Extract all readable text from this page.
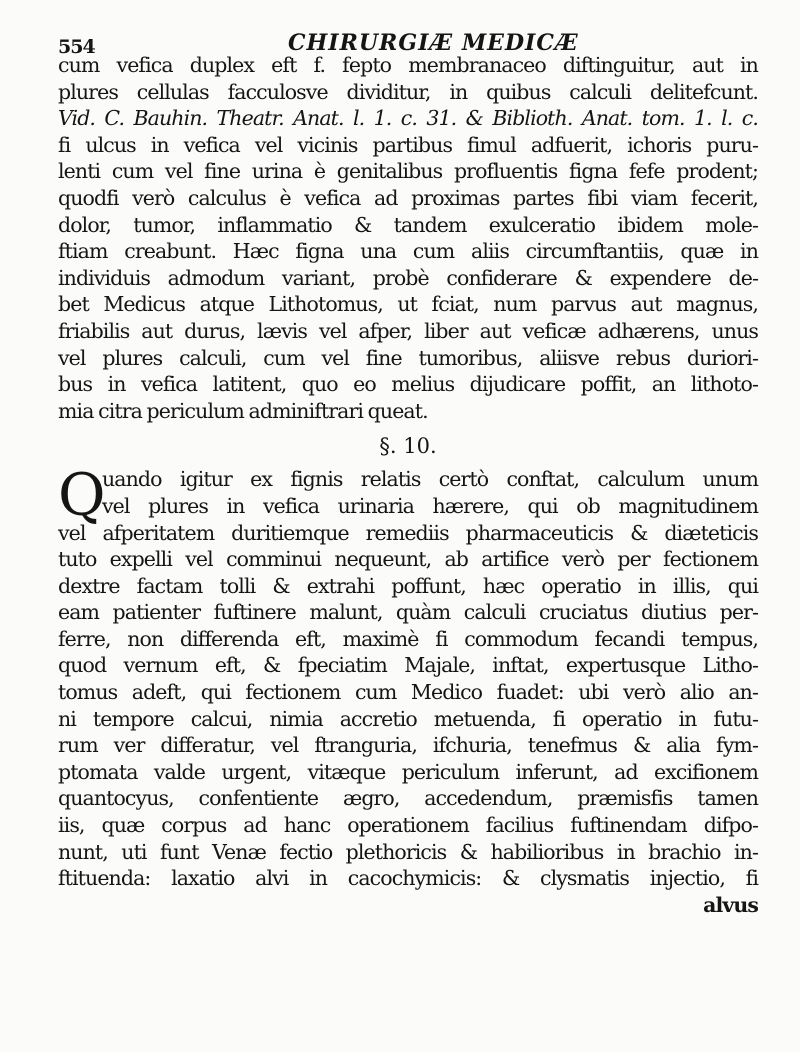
554	CHIRURGIÆ MEDICÆ
cum vefica duplex eft f. fepto membranaceo diftinguitur, aut in
plures cellulas facculosve dividitur, in quibus calculi delitefcunt.
Vid. C. Bauhin. Theatr. Anat. l. 1. c. 31. & Biblioth. Anat. tom. 1. l. c.
fi ulcus in vefica vel vicinis partibus fimul adfuerit, ichoris puru-
lenti cum vel fine urina è genitalibus profluentis figna fefe prodent;
quodfi verò calculus è vefica ad proximas partes fibi viam fecerit,
dolor, tumor, inflammatio & tandem exulceratio ibidem mole-
ftiam creabunt. Hæc figna una cum aliis circumftantiis, quæ in
individuis admodum variant, probè confiderare & expendere de-
bet Medicus atque Lithotomus, ut fciat, num parvus aut magnus,
friabilis aut durus, lævis vel afper, liber aut veficæ adhærens, unus
vel plures calculi, cum vel fine tumoribus, aliisve rebus duriori-
bus in vefica latitent, quo eo melius dijudicare poffit, an lithoto-
mia citra periculum adminiftrari queat.
§. 10.
Q
uando igitur ex fignis relatis certò conftat, calculum unum
vel plures in vefica urinaria hærere, qui ob magnitudinem
vel afperitatem duritiemque remediis pharmaceuticis & diæteticis
tuto expelli vel comminui nequeunt, ab artifice verò per fectionem
dextre factam tolli & extrahi poffunt, hæc operatio in illis, qui
eam patienter fuftinere malunt, quàm calculi cruciatus diutius per-
ferre, non differenda eft, maximè fi commodum fecandi tempus,
quod vernum eft, & fpeciatim Majale, inftat, expertusque Litho-
tomus adeft, qui fectionem cum Medico fuadet: ubi verò alio an-
ni tempore calcui, nimia accretio metuenda, fi operatio in futu-
rum ver differatur, vel ftranguria, ifchuria, tenefmus & alia fym-
ptomata valde urgent, vitæque periculum inferunt, ad excifionem
quantocyus, confentiente ægro, accedendum, præmisfis tamen
iis, quæ corpus ad hanc operationem facilius fuftinendam difpo-
nunt, uti funt Venæ fectio plethoricis & habilioribus in brachio in-
ftituenda: laxatio alvi in cacochymicis: & clysmatis injectio, fi
alvus
